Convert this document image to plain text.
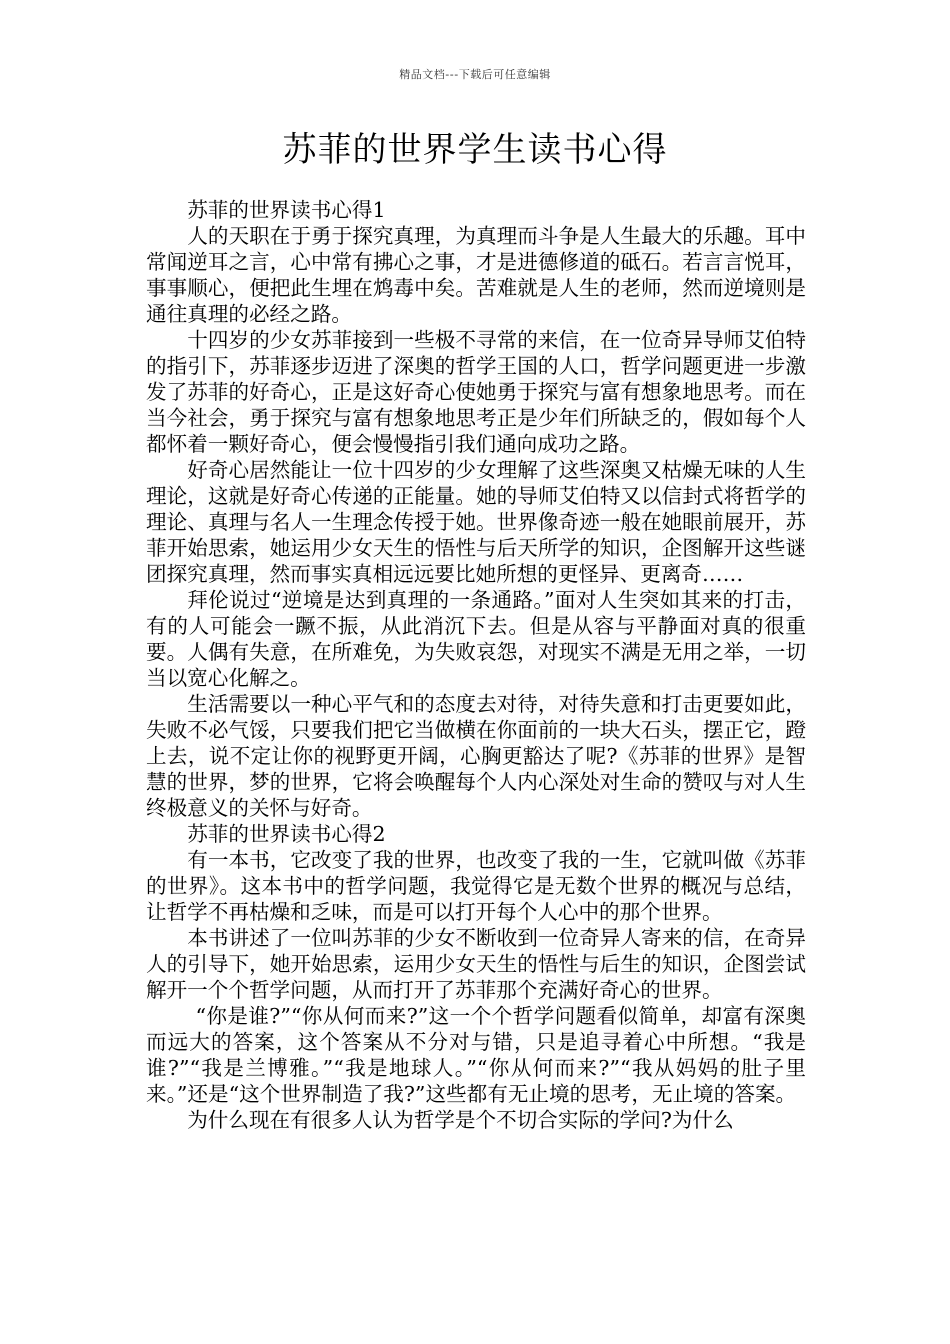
精品文档---下载后可任意编辑
苏菲的世界学生读书心得

苏菲的世界读书心得1

人的天职在于勇于探究真理，为真理而斗争是人生最大的乐趣。耳中常闻逆耳之言，心中常有拂心之事，才是进德修道的砥石。若言言悦耳，事事顺心，便把此生埋在鸩毒中矣。苦难就是人生的老师，然而逆境则是通往真理的必经之路。

十四岁的少女苏菲接到一些极不寻常的来信，在一位奇异导师艾伯特的指引下，苏菲逐步迈进了深奥的哲学王国的人口，哲学问题更进一步激发了苏菲的好奇心，正是这好奇心使她勇于探究与富有想象地思考。而在当今社会，勇于探究与富有想象地思考正是少年们所缺乏的，假如每个人都怀着一颗好奇心，便会慢慢指引我们通向成功之路。

好奇心居然能让一位十四岁的少女理解了这些深奥又枯燥无味的人生理论，这就是好奇心传递的正能量。她的导师艾伯特又以信封式将哲学的理论、真理与名人一生理念传授于她。世界像奇迹一般在她眼前展开，苏菲开始思索，她运用少女天生的悟性与后天所学的知识，企图解开这些谜团探究真理，然而事实真相远远要比她所想的更怪异、更离奇……

拜伦说过“逆境是达到真理的一条通路。”面对人生突如其来的打击，有的人可能会一蹶不振，从此消沉下去。但是从容与平静面对真的很重要。人偶有失意，在所难免，为失败哀怨，对现实不满是无用之举，一切当以宽心化解之。

生活需要以一种心平气和的态度去对待，对待失意和打击更要如此，失败不必气馁，只要我们把它当做横在你面前的一块大石头，摆正它，蹬上去，说不定让你的视野更开阔，心胸更豁达了呢?《苏菲的世界》是智慧的世界，梦的世界，它将会唤醒每个人内心深处对生命的赞叹与对人生终极意义的关怀与好奇。

苏菲的世界读书心得2

有一本书，它改变了我的世界，也改变了我的一生，它就叫做《苏菲的世界》。这本书中的哲学问题，我觉得它是无数个世界的概况与总结，让哲学不再枯燥和乏味，而是可以打开每个人心中的那个世界。

本书讲述了一位叫苏菲的少女不断收到一位奇异人寄来的信，在奇异人的引导下，她开始思索，运用少女天生的悟性与后生的知识，企图尝试解开一个个哲学问题，从而打开了苏菲那个充满好奇心的世界。

“你是谁?”“你从何而来?”这一个个哲学问题看似简单，却富有深奥而远大的答案，这个答案从不分对与错，只是追寻着心中所想。“我是谁?”“我是兰博雅。”“我是地球人。”“你从何而来?”“我从妈妈的肚子里来。”还是“这个世界制造了我?”这些都有无止境的思考，无止境的答案。

为什么现在有很多人认为哲学是个不切合实际的学问?为什么
